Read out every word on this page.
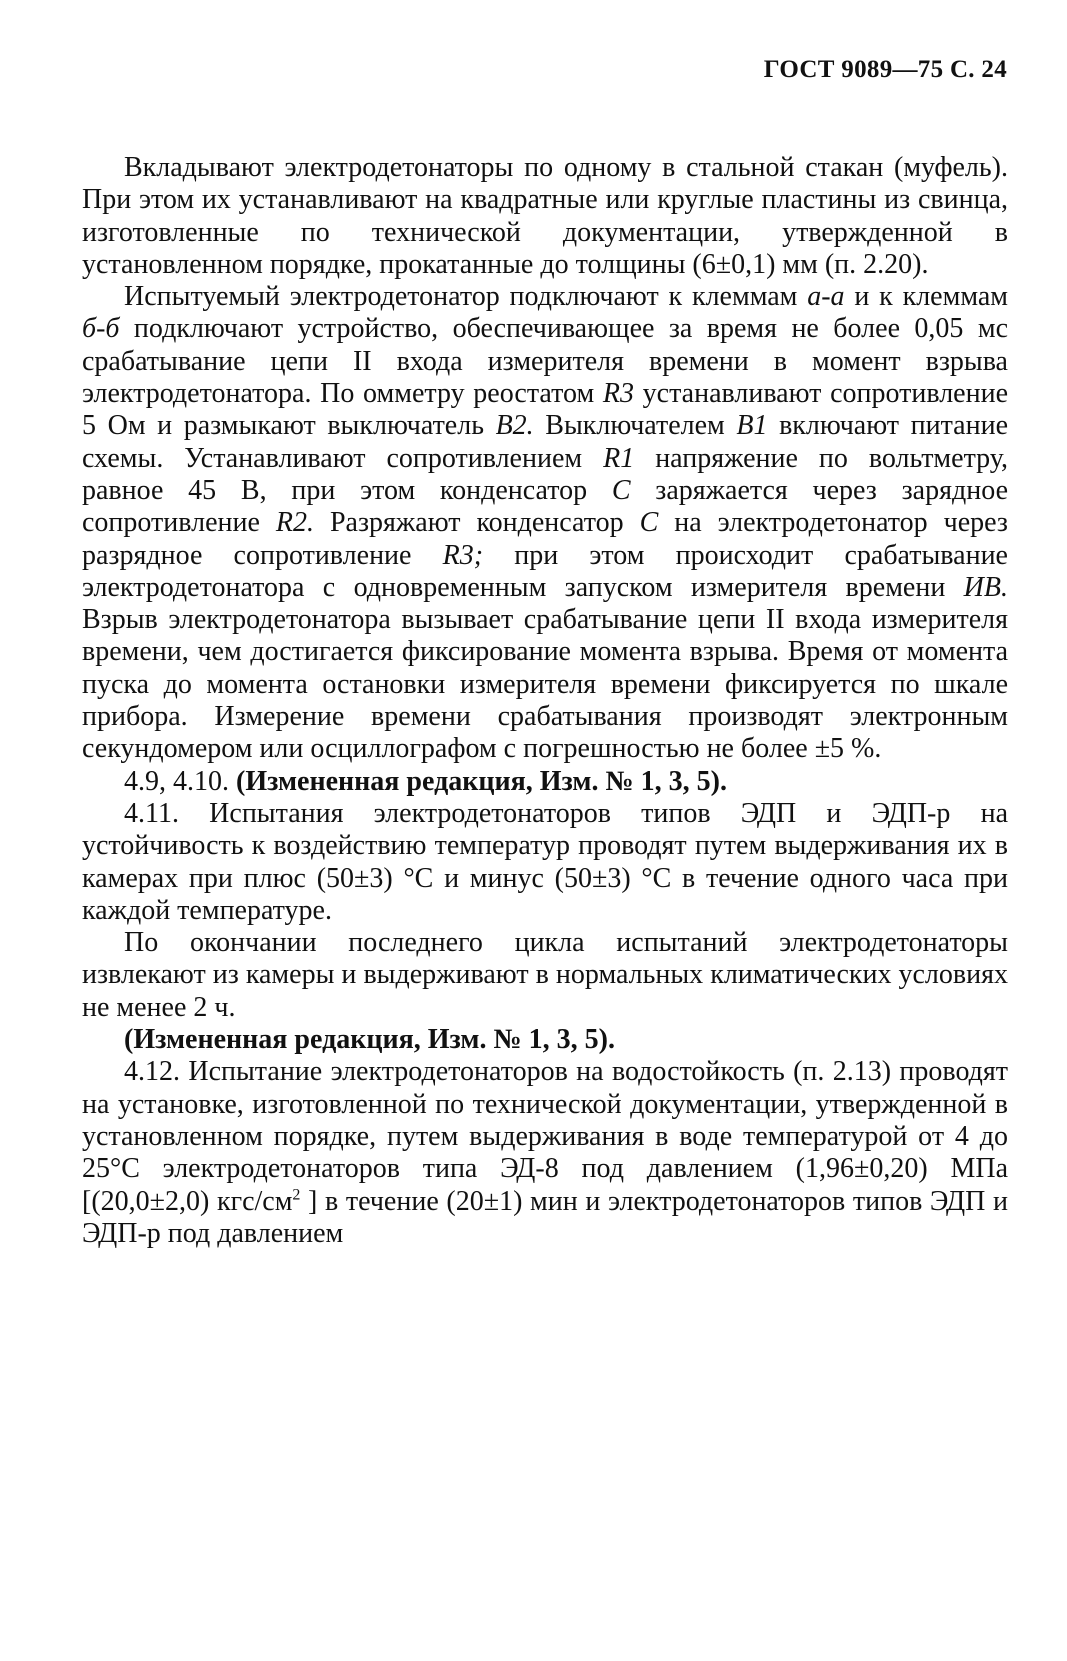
ГОСТ 9089—75 С. 24

Вкладывают электродетонаторы по одному в стальной стакан (муфель). При этом их устанавливают на квадратные или круглые пластины из свинца, изготовленные по технической документации, утвержденной в установленном порядке, прокатанные до толщины (6±0,1) мм (п. 2.20).

Испытуемый электродетонатор подключают к клеммам а-а и к клеммам б-б подключают устройство, обеспечивающее за время не более 0,05 мс срабатывание цепи II входа измерителя времени в момент взрыва электродетонатора. По омметру реостатом R3 устанавливают сопротивление 5 Ом и размыкают выключатель В2. Выключателем В1 включают питание схемы. Устанавливают сопротивлением R1 напряжение по вольтметру, равное 45 В, при этом конденсатор С заряжается через зарядное сопротивление R2. Разряжают конденсатор С на электродетонатор через разрядное сопротивление R3; при этом происходит срабатывание электродетонатора с одновременным запуском измерителя времени ИВ. Взрыв электродетонатора вызывает срабатывание цепи II входа измерителя времени, чем достигается фиксирование момента взрыва. Время от момента пуска до момента остановки измерителя времени фиксируется по шкале прибора. Измерение времени срабатывания производят электронным секундомером или осциллографом с погрешностью не более ±5 %.

4.9, 4.10. (Измененная редакция, Изм. № 1, 3, 5).

4.11. Испытания электродетонаторов типов ЭДП и ЭДП-р на устойчивость к воздействию температур проводят путем выдерживания их в камерах при плюс (50±3) °С и минус (50±3) °С в течение одного часа при каждой температуре.

По окончании последнего цикла испытаний электродетонаторы извлекают из камеры и выдерживают в нормальных климатических условиях не менее 2 ч.

(Измененная редакция, Изм. № 1, 3, 5).

4.12. Испытание электродетонаторов на водостойкость (п. 2.13) проводят на установке, изготовленной по технической документации, утвержденной в установленном порядке, путем выдерживания в воде температурой от 4 до 25°С электродетонаторов типа ЭД-8 под давлением (1,96±0,20) МПа [(20,0±2,0) кгс/$см^2$ ] в течение (20±1) мин и электродетонаторов типов ЭДП и ЭДП-р под давлением
